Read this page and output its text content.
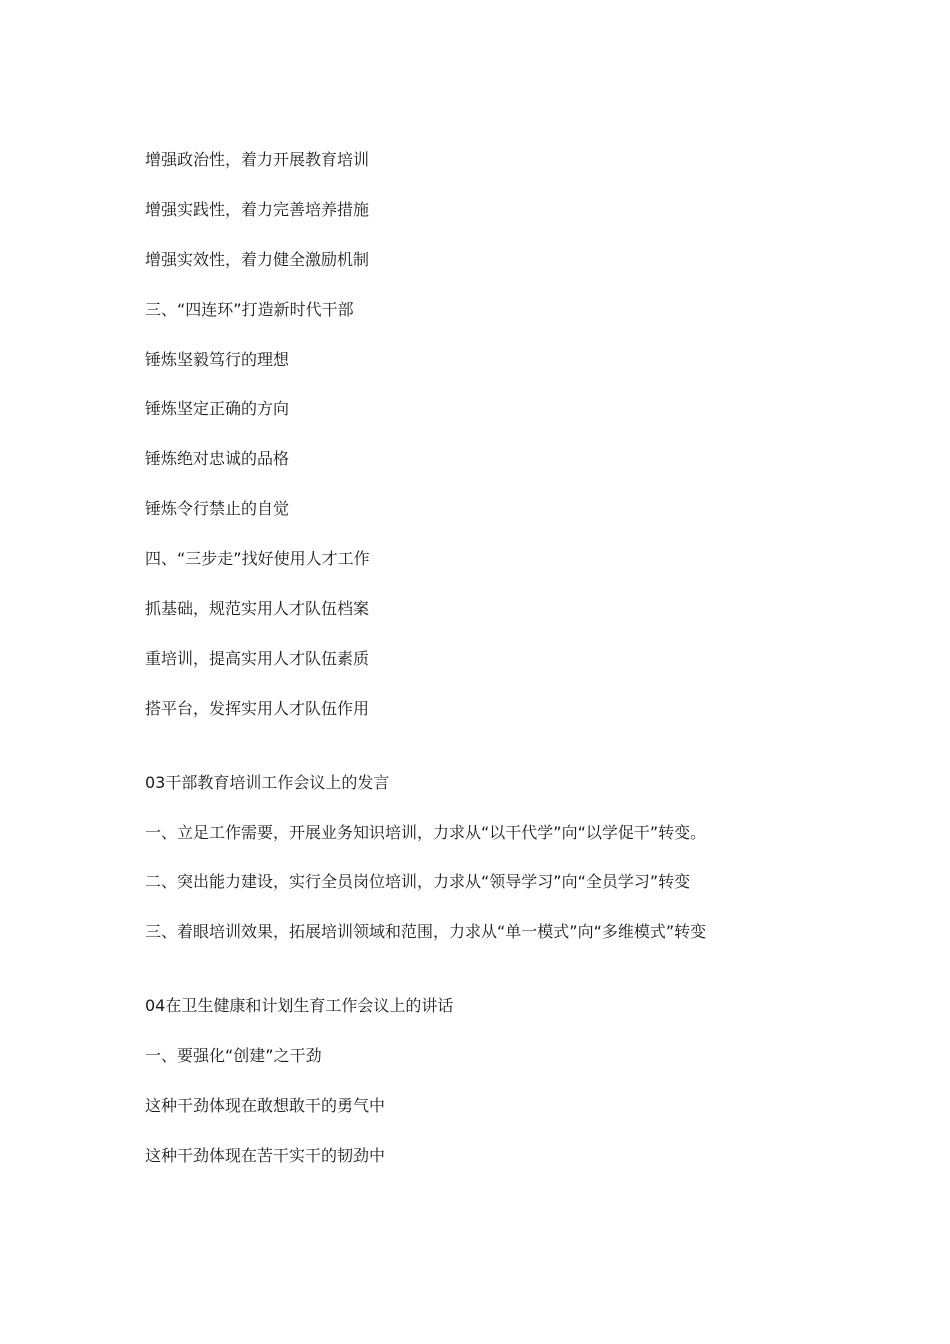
增强政治性，着力开展教育培训

增强实践性，着力完善培养措施

增强实效性，着力健全激励机制

三、“四连环”打造新时代干部

锤炼坚毅笃行的理想

锤炼坚定正确的方向

锤炼绝对忠诚的品格

锤炼令行禁止的自觉

四、“三步走”找好使用人才工作

抓基础，规范实用人才队伍档案

重培训，提高实用人才队伍素质

搭平台，发挥实用人才队伍作用

03干部教育培训工作会议上的发言

一、立足工作需要，开展业务知识培训，力求从“以干代学”向“以学促干”转变。

二、突出能力建设，实行全员岗位培训，力求从“领导学习”向“全员学习”转变

三、着眼培训效果，拓展培训领域和范围，力求从“单一模式”向“多维模式”转变

04在卫生健康和计划生育工作会议上的讲话

一、要强化“创建”之干劲

这种干劲体现在敢想敢干的勇气中

这种干劲体现在苦干实干的韧劲中
